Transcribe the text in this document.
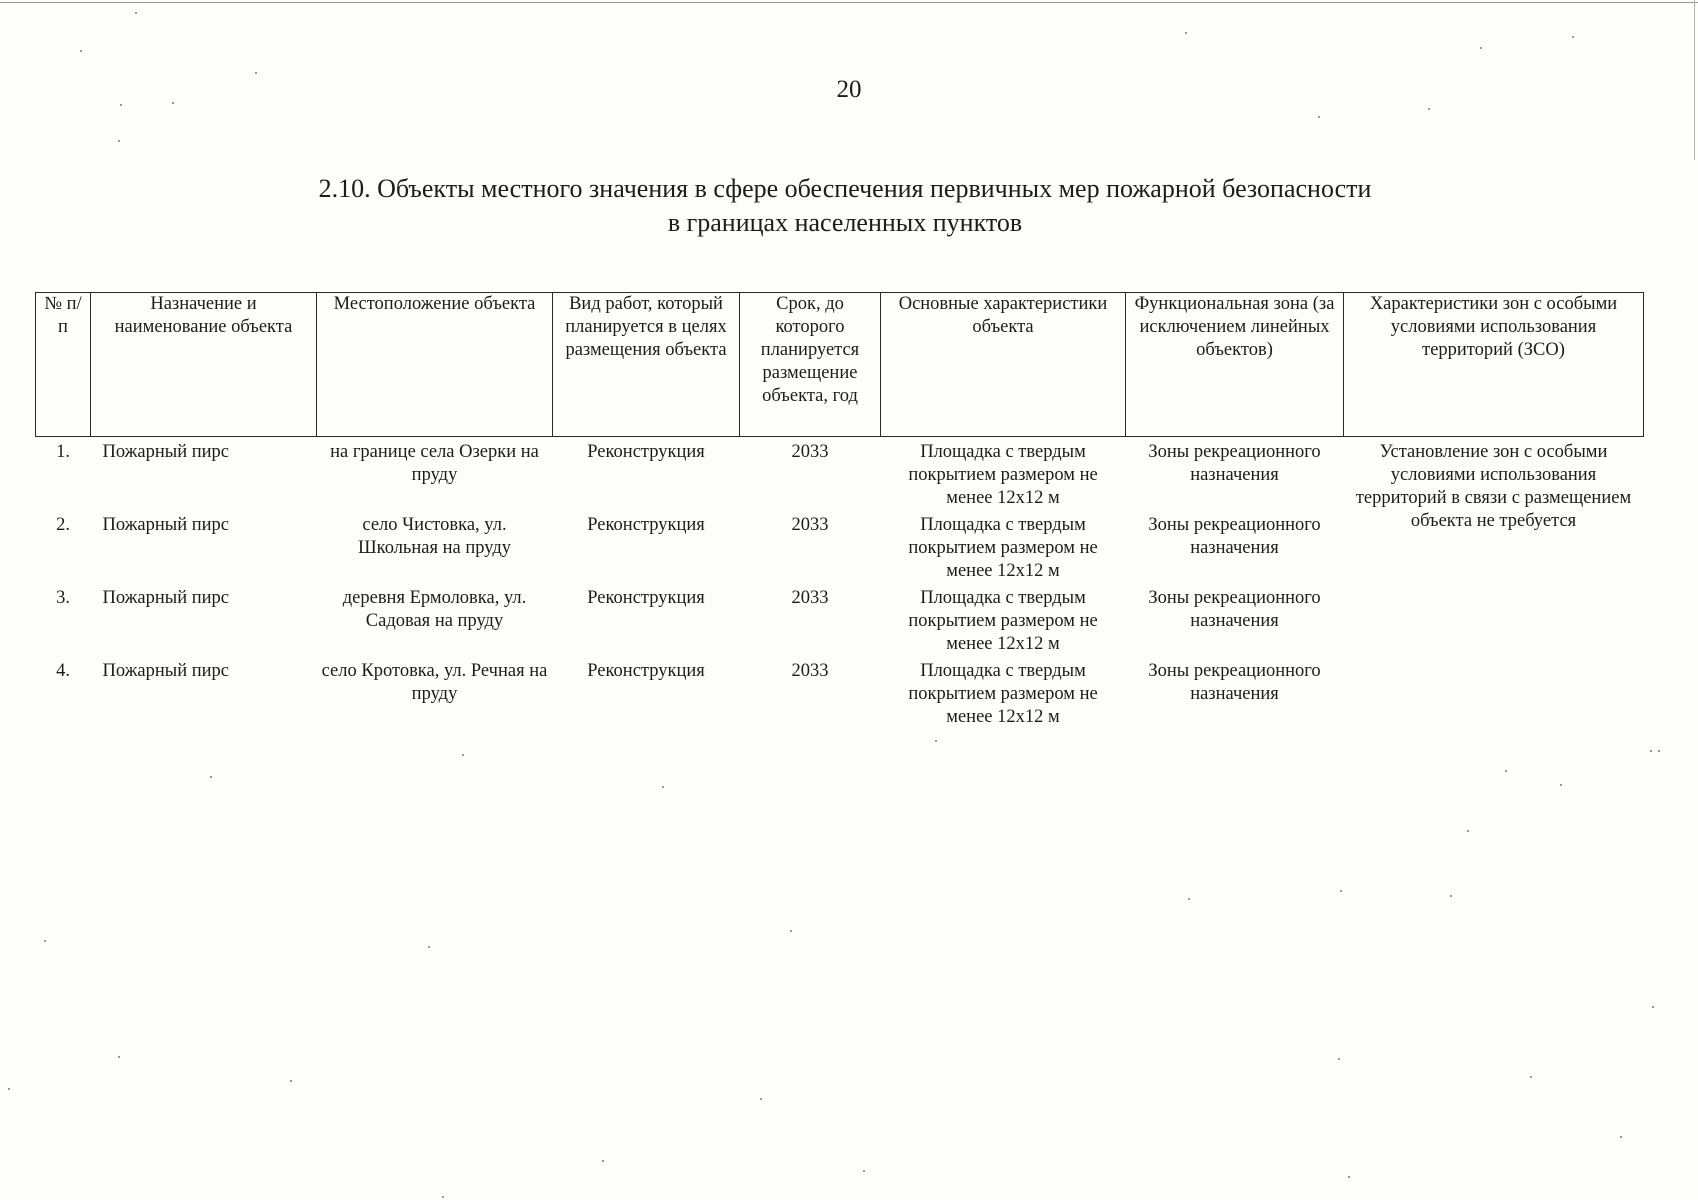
20
2.10. Объекты местного значения в сфере обеспечения первичных мер пожарной безопасности
в границах населенных пунктов
№ п/п	Назначение и наименование объекта	Местоположение объекта	Вид работ, который планируется в целях размещения объекта	Срок, до которого планируется размещение объекта, год	Основные характеристики объекта	Функциональная зона (за исключением линейных объектов)	Характеристики зон с особыми условиями использования территорий (ЗСО)
1.	Пожарный пирс	на границе села Озерки на пруду	Реконструкция	2033	Площадка с твердым покрытием размером не менее 12х12 м	Зоны рекреационного назначения	Установление зон с особыми условиями использования территорий в связи с размещением объекта не требуется
2.	Пожарный пирс	село Чистовка, ул. Школьная на пруду	Реконструкция	2033	Площадка с твердым покрытием размером не менее 12х12 м	Зоны рекреационного назначения	
3.	Пожарный пирс	деревня Ермоловка, ул. Садовая на пруду	Реконструкция	2033	Площадка с твердым покрытием размером не менее 12х12 м	Зоны рекреационного назначения	
4.	Пожарный пирс	село Кротовка, ул. Речная на пруду	Реконструкция	2033	Площадка с твердым покрытием размером не менее 12х12 м	Зоны рекреационного назначения	
